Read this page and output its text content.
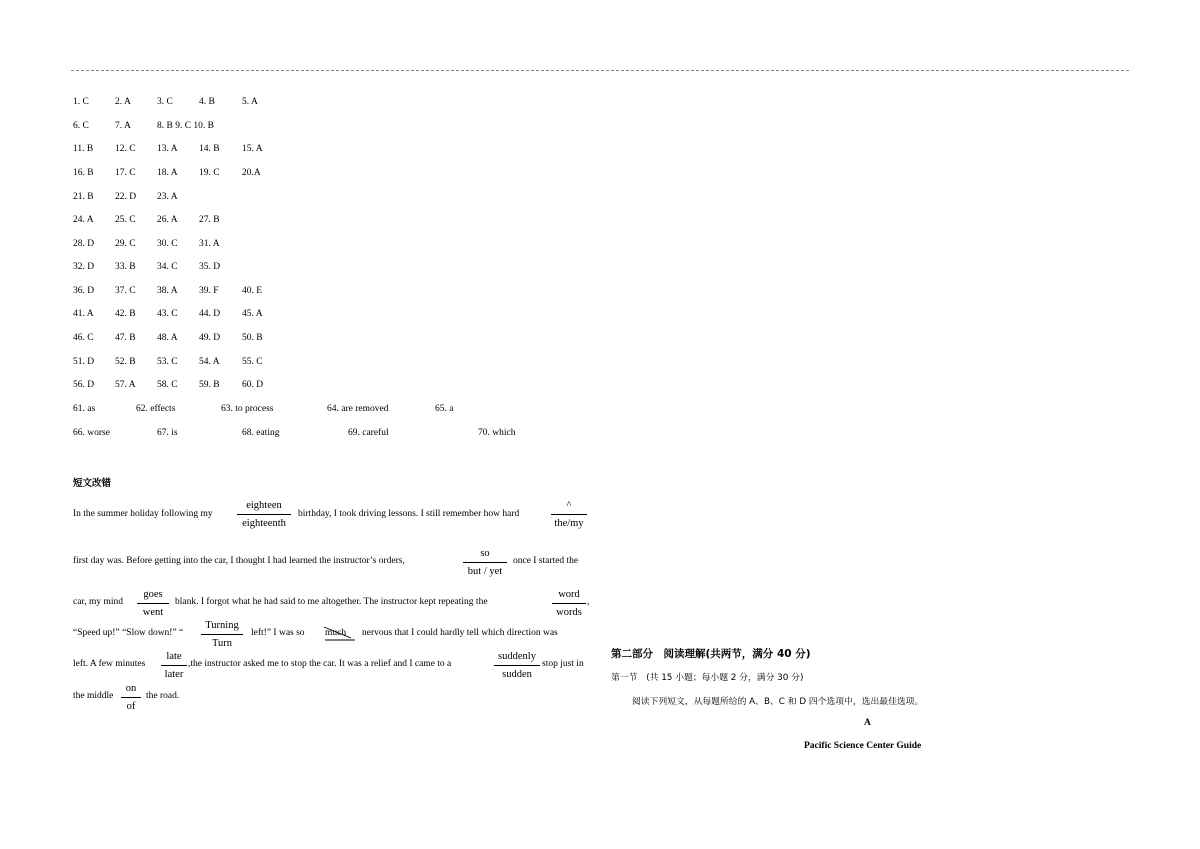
1. C	2. A	3. C	4. B	5. A
6. C	7. A	8. B 9. C 10. B
11. B 12. C 13. A 14. B 15. A
16. B 17. C 18. A 19. C 20.A
21. B 22. D 23. A
24. A 25. C 26. A 27. B
28. D 29. C 30. C 31. A
32. D 33. B 34. C 35. D
36. D 37. C 38. A 39. F 40. E
41. A 42. B 43. C 44. D 45. A
46. C 47. B 48. A 49. D 50. B
51. D 52. B 53. C 54. A 55. C
56. D 57. A 58. C 59. B 60. D
61. as	62. effects	63. to process	64. are removed	65. a
66. worse	67. is	68. eating	69. careful	70. which
短文改错
In the summer holiday following my	birthday, I took driving lessons. I still remember how hard
eighteen
eighteenth
^
the/my
first day was. Before getting into the car, I thought I had learned the instructor’s orders,	once I started the
so
but / yet
car, my mind	blank. I forgot what he had said to me altogether. The instructor kept repeating the	,
goes
went
word
words
“Speed up!” “Slow down!” “	left!” I was so	nervous that I could hardly tell which direction was
Turning
Turn
much
left. A few minutes	,the instructor asked me to stop the car. It was a relief and I came to a	stop just in
late
later
suddenly
sudden
the middle	the road.
on
of
第二部分　阅读理解(共两节，满分 40 分)
第一节　(共 15 小题；每小题 2 分，满分 30 分)
阅读下列短文，从每题所给的 A、B、C 和 D 四个选项中，选出最佳选项。
A
Pacific Science Center Guide
